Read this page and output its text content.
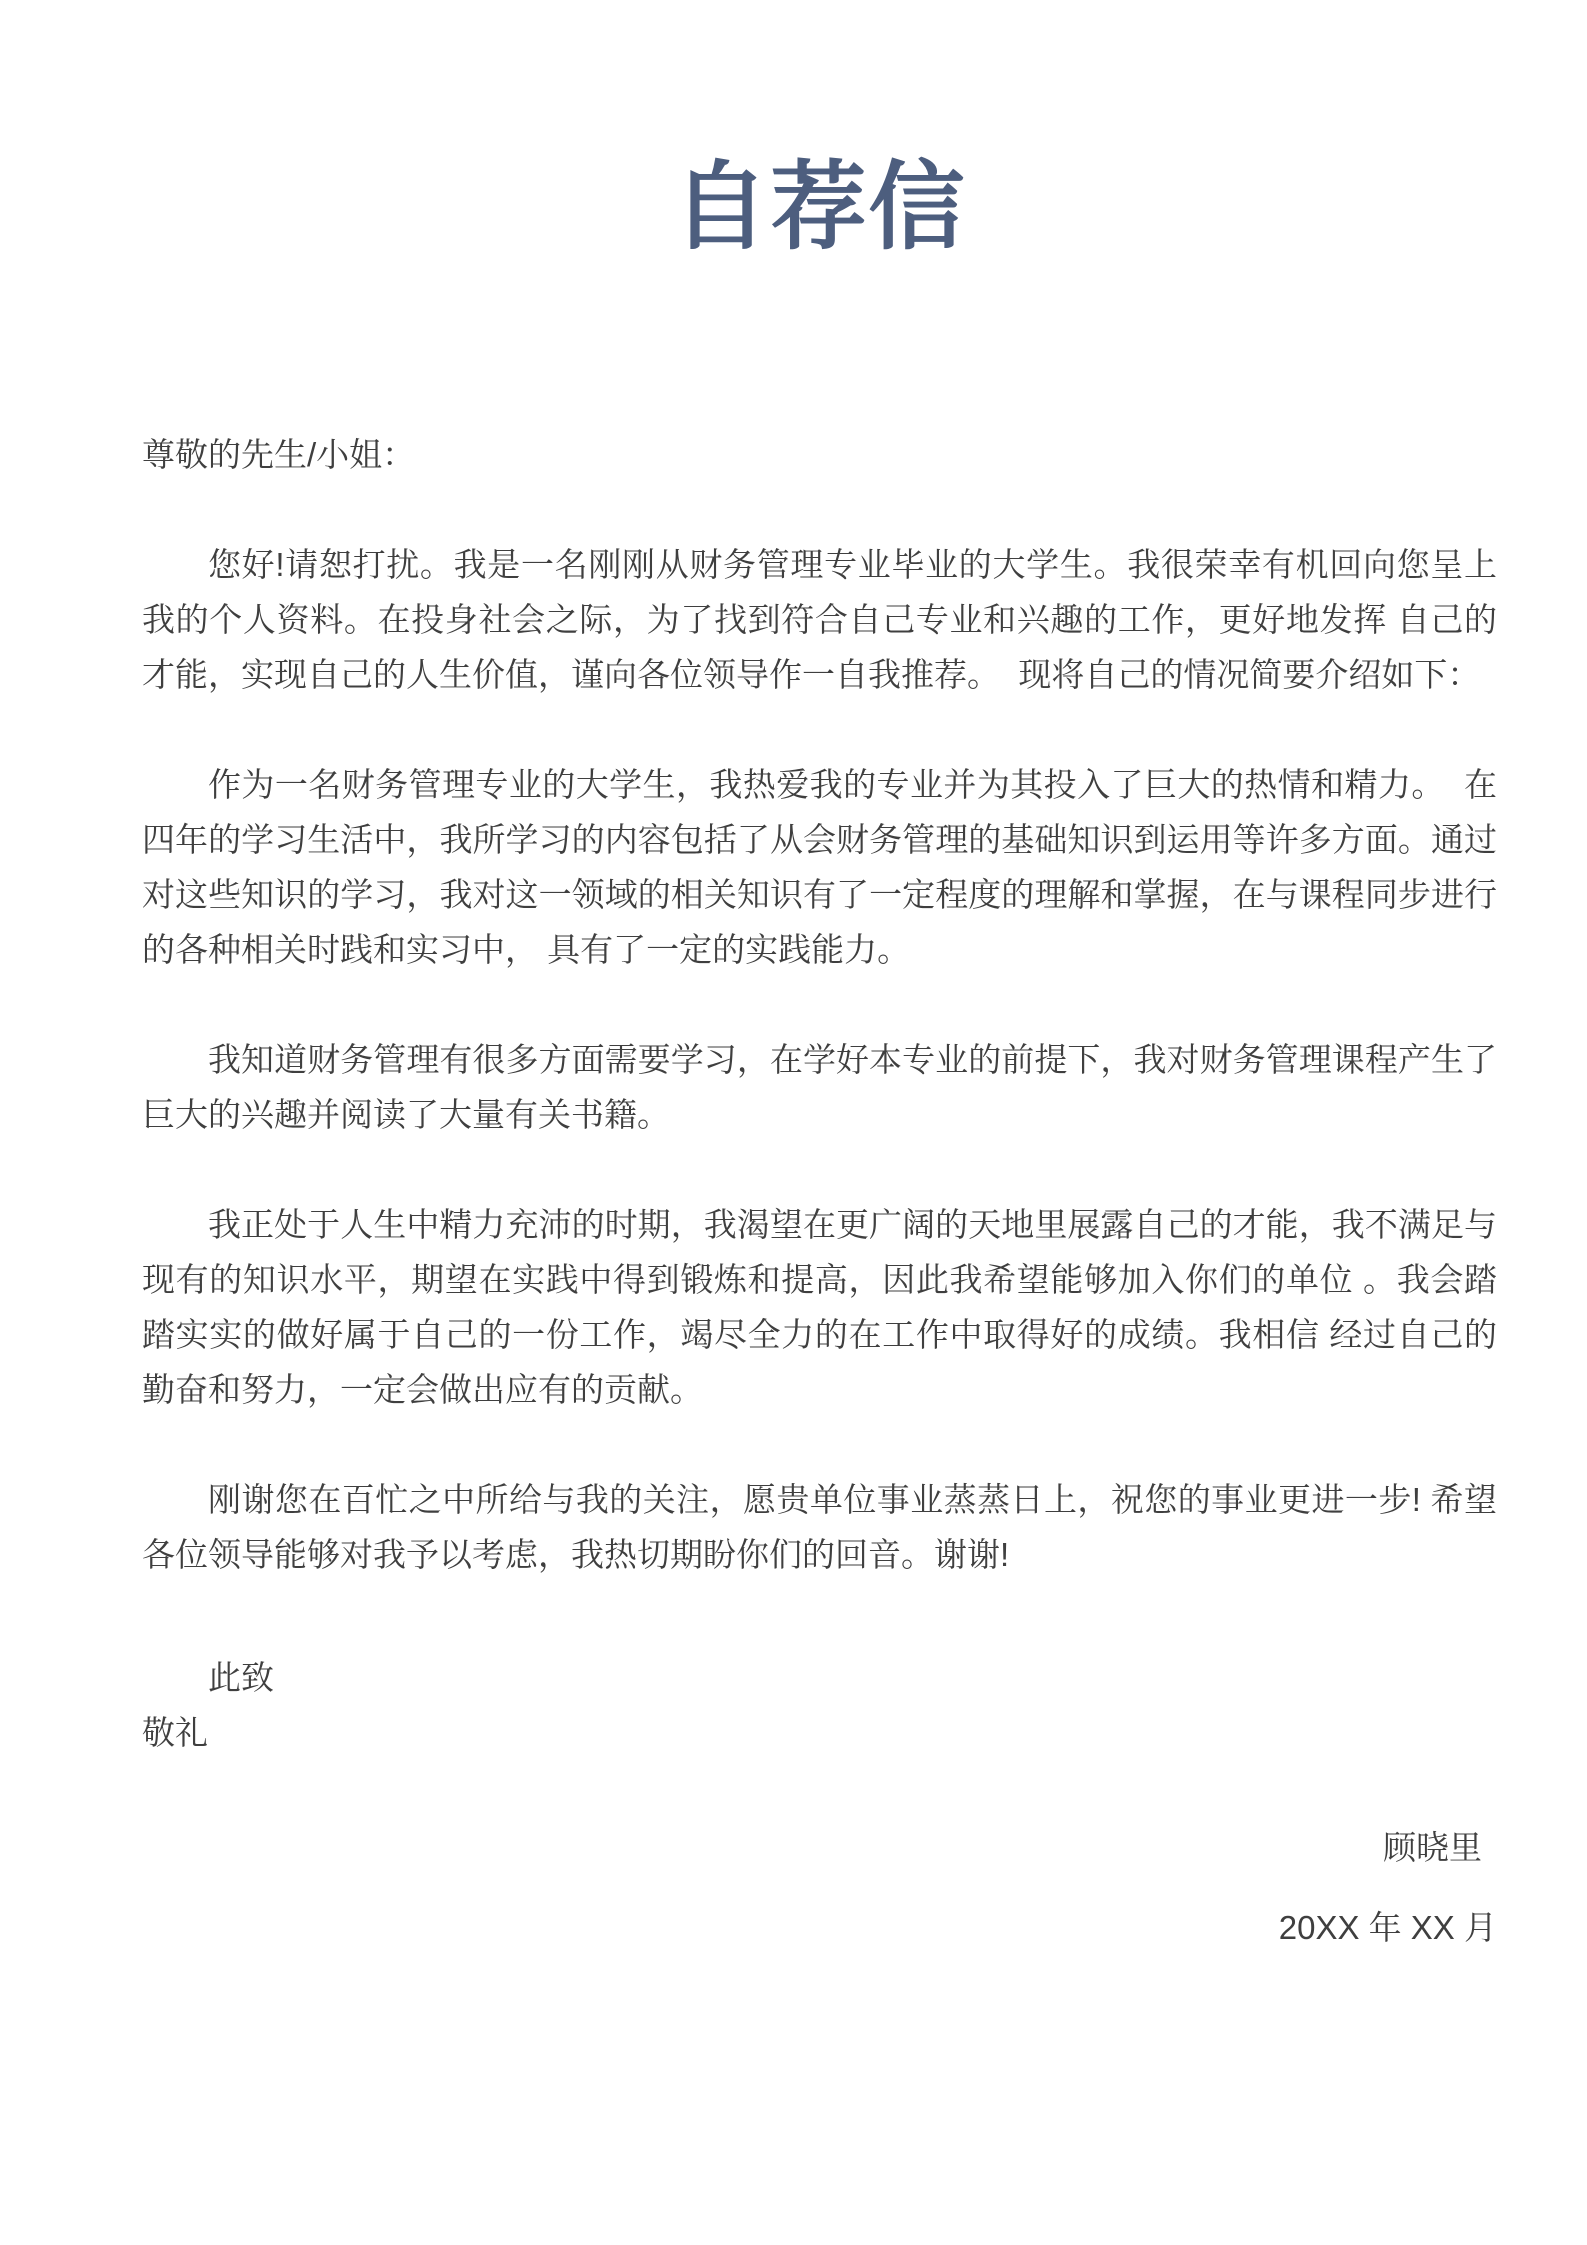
自荐信

尊敬的先生/小姐：

您好!请恕打扰。我是一名刚刚从财务管理专业毕业的大学生。我很荣幸有机回向您呈上我的个人资料。在投身社会之际，为了找到符合自己专业和兴趣的工作，更好地发挥 自己的才能，实现自己的人生价值，谨向各位领导作一自我推荐。  现将自己的情况简要介绍如下：

作为一名财务管理专业的大学生，我热爱我的专业并为其投入了巨大的热情和精力。  在四年的学习生活中，我所学习的内容包括了从会财务管理的基础知识到运用等许多方面。通过对这些知识的学习，我对这一领域的相关知识有了一定程度的理解和掌握，在与课程同步进行的各种相关时践和实习中， 具有了一定的实践能力。

我知道财务管理有很多方面需要学习，在学好本专业的前提下，我对财务管理课程产生了巨大的兴趣并阅读了大量有关书籍。

我正处于人生中精力充沛的时期，我渴望在更广阔的天地里展露自己的才能，我不满足与现有的知识水平，期望在实践中得到锻炼和提高，因此我希望能够加入你们的单位 。我会踏踏实实的做好属于自己的一份工作，竭尽全力的在工作中取得好的成绩。我相信 经过自己的勤奋和努力，一定会做出应有的贡献。

刚谢您在百忙之中所给与我的关注，愿贵单位事业蒸蒸日上，祝您的事业更进一步! 希望各位领导能够对我予以考虑，我热切期盼你们的回音。谢谢!

此致

敬礼

顾晓里

20XX 年 XX 月
